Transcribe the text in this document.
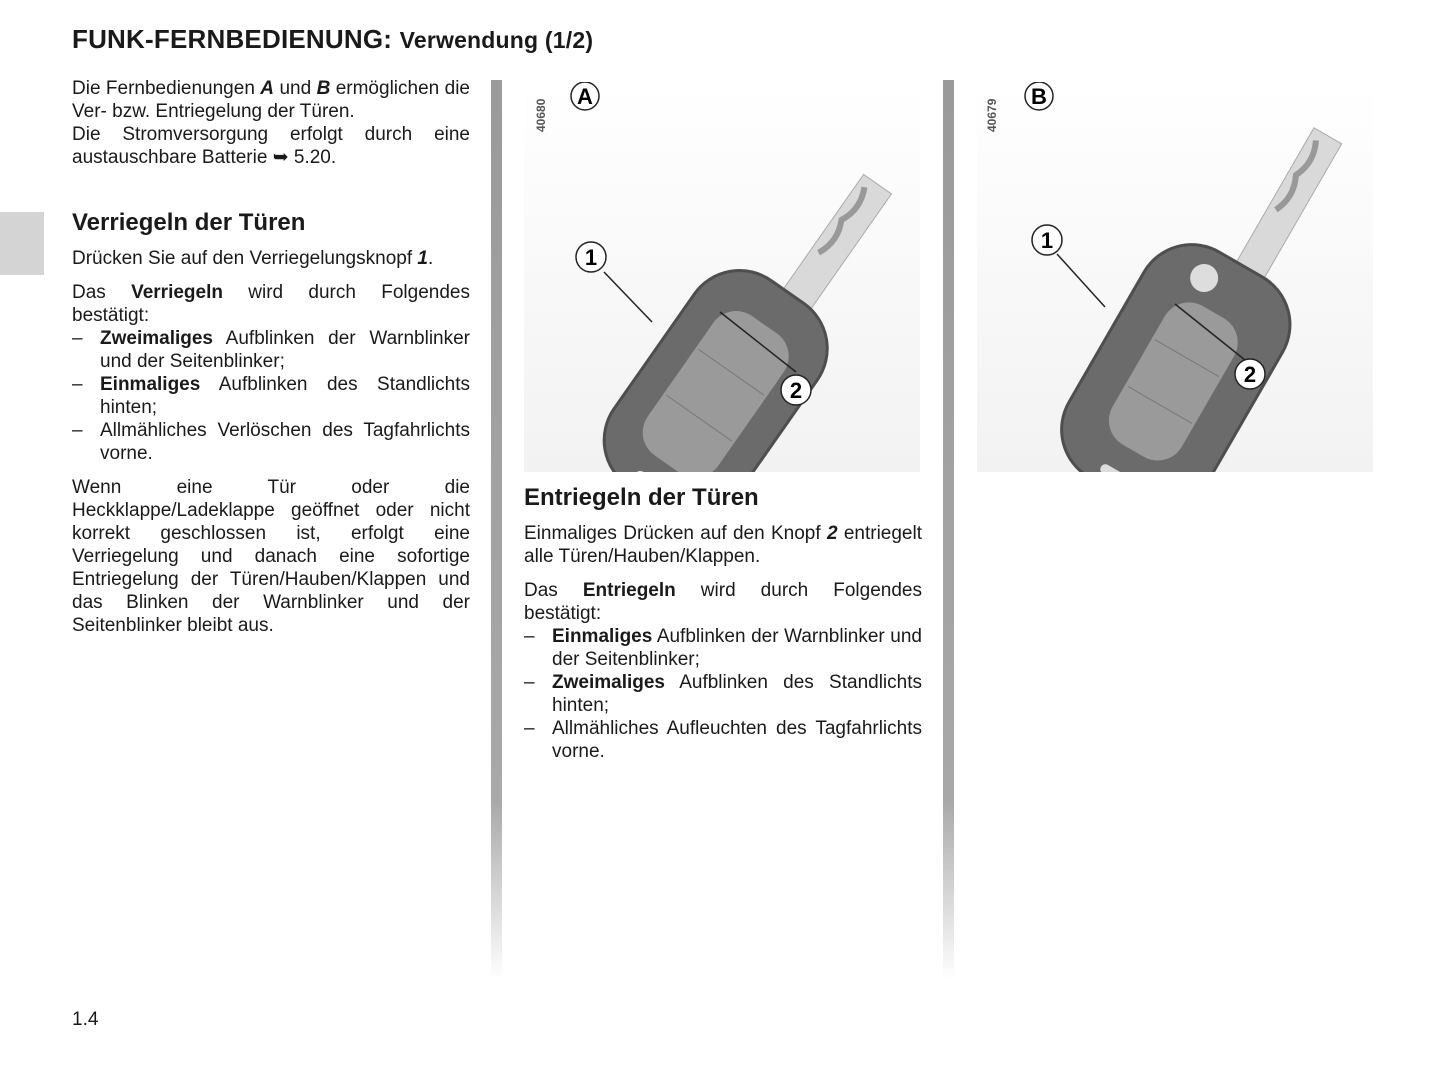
FUNK-FERNBEDIENUNG: Verwendung (1/2)

Die Fernbedienungen A und B ermöglichen die Ver- bzw. Entriegelung der Türen.
Die Stromversorgung erfolgt durch eine austauschbare Batterie ➥ 5.20.

Verriegeln der Türen

Drücken Sie auf den Verriegelungsknopf 1.

Das Verriegeln wird durch Folgendes bestätigt:

– Zweimaliges Aufblinken der Warnblinker und der Seitenblinker;
– Einmaliges Aufblinken des Standlichts hinten;
– Allmähliches Verlöschen des Tagfahrlichts vorne.

Wenn eine Tür oder die Heckklappe/Ladeklappe geöffnet oder nicht korrekt geschlossen ist, erfolgt eine Verriegelung und danach eine sofortige Entriegelung der Türen/Hauben/Klappen und das Blinken der Warnblinker und der Seitenblinker bleibt aus.

40680
A
1
2
40679
B
1
2
Entriegeln der Türen

Einmaliges Drücken auf den Knopf 2 entriegelt alle Türen/Hauben/Klappen.

Das Entriegeln wird durch Folgendes bestätigt:

– Einmaliges Aufblinken der Warnblinker und der Seitenblinker;
– Zweimaliges Aufblinken des Standlichts hinten;
– Allmähliches Aufleuchten des Tagfahrlichts vorne.
1.4
